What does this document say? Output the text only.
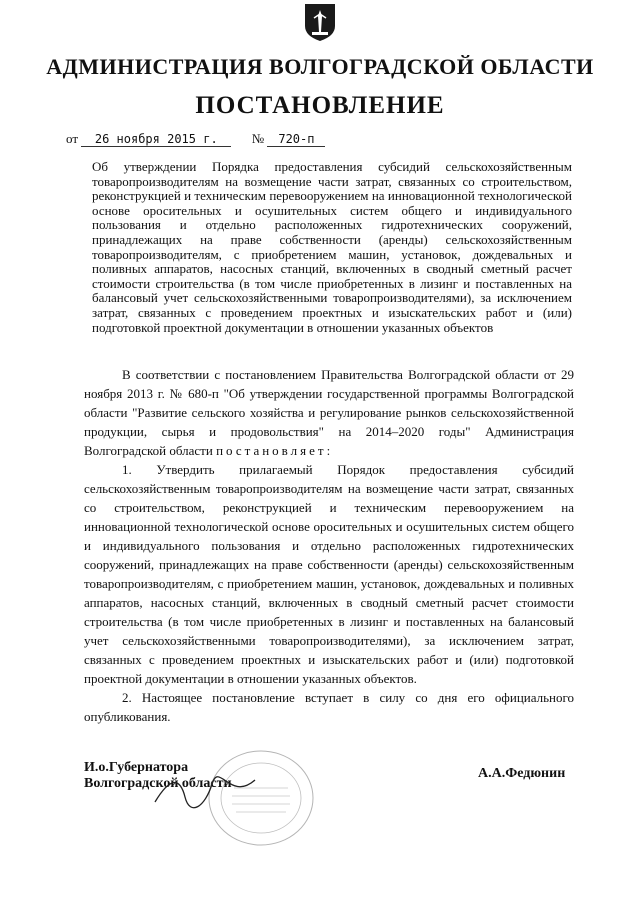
АДМИНИСТРАЦИЯ ВОЛГОГРАДСКОЙ ОБЛАСТИ
ПОСТАНОВЛЕНИЕ
от 26 ноября 2015 г.	№ 720-п

Об утверждении Порядка предоставления субсидий сельскохозяйственным товаропроизводителям на возмещение части затрат, связанных со строительством, реконструкцией и техническим перевооружением на инновационной технологической основе оросительных и осушительных систем общего и индивидуального пользования и отдельно расположенных гидротехнических сооружений, принадлежащих на праве собственности (аренды) сельскохозяйственным товаропроизводителям, с приобретением машин, установок, дождевальных и поливных аппаратов, насосных станций, включенных в сводный сметный расчет стоимости строительства (в том числе приобретенных в лизинг и поставленных на балансовый учет сельскохозяйственными товаропроизводителями), за исключением затрат, связанных с проведением проектных и изыскательских работ и (или) подготовкой проектной документации в отношении указанных объектов

В соответствии с постановлением Правительства Волгоградской области от 29 ноября 2013 г. № 680-п "Об утверждении государственной программы Волгоградской области "Развитие сельского хозяйства и регулирование рынков сельскохозяйственной продукции, сырья и продовольствия" на 2014–2020 годы" Администрация Волгоградской области постановляет:

1. Утвердить прилагаемый Порядок предоставления субсидий сельскохозяйственным товаропроизводителям на возмещение части затрат, связанных со строительством, реконструкцией и техническим перевооружением на инновационной технологической основе оросительных и осушительных систем общего и индивидуального пользования и отдельно расположенных гидротехнических сооружений, принадлежащих на праве собственности (аренды) сельскохозяйственным товаропроизводителям, с приобретением машин, установок, дождевальных и поливных аппаратов, насосных станций, включенных в сводный сметный расчет стоимости строительства (в том числе приобретенных в лизинг и поставленных на балансовый учет сельскохозяйственными товаропроизводителями), за исключением затрат, связанных с проведением проектных и изыскательских работ и (или) подготовкой проектной документации в отношении указанных объектов.

2. Настоящее постановление вступает в силу со дня его официального опубликования.

И.о.Губернатора
Волгоградской области

А.А.Федюнин
